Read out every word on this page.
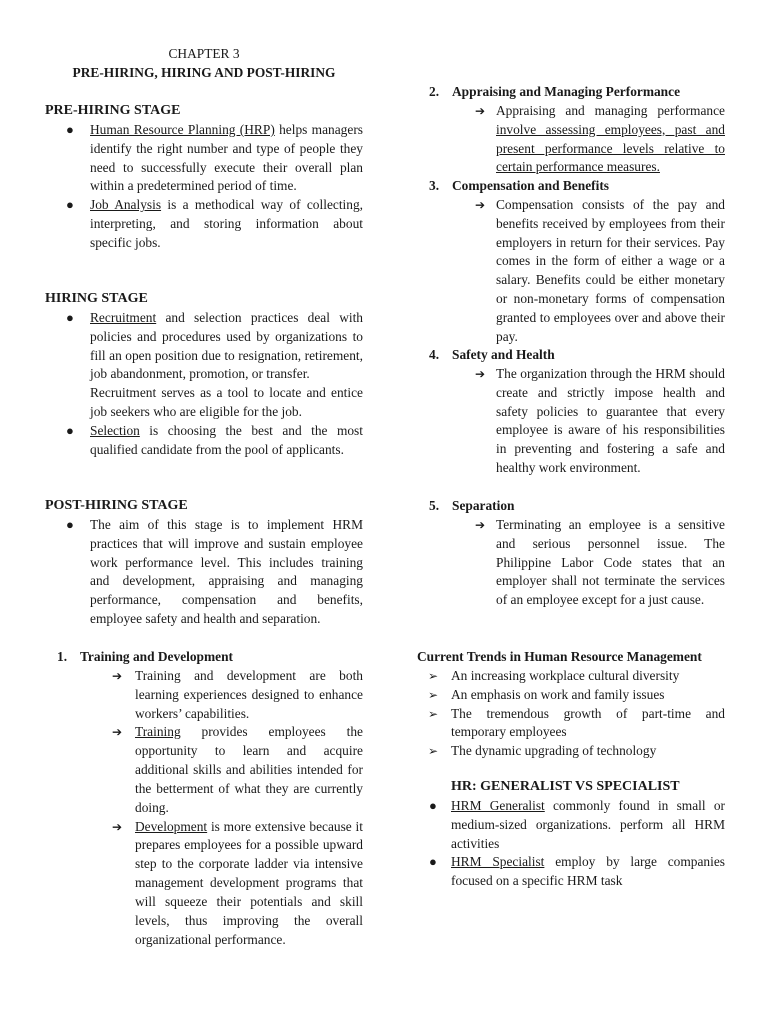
CHAPTER 3
PRE-HIRING, HIRING AND POST-HIRING
PRE-HIRING STAGE
● Human Resource Planning (HRP) helps managers identify the right number and type of people they need to successfully execute their overall plan within a predetermined period of time.
● Job Analysis is a methodical way of collecting, interpreting, and storing information about specific jobs.
HIRING STAGE
● Recruitment and selection practices deal with policies and procedures used by organizations to fill an open position due to resignation, retirement, job abandonment, promotion, or transfer.
Recruitment serves as a tool to locate and entice job seekers who are eligible for the job.
● Selection is choosing the best and the most qualified candidate from the pool of applicants.
POST-HIRING STAGE
● The aim of this stage is to implement HRM practices that will improve and sustain employee work performance level. This includes training and development, appraising and managing performance, compensation and benefits, employee safety and health and separation.
1. Training and Development
➔ Training and development are both learning experiences designed to enhance workers’ capabilities.
➔ Training provides employees the opportunity to learn and acquire additional skills and abilities intended for the betterment of what they are currently doing.
➔ Development is more extensive because it prepares employees for a possible upward step to the corporate ladder via intensive management development programs that will squeeze their potentials and skill levels, thus improving the overall organizational performance.
2. Appraising and Managing Performance
➔ Appraising and managing performance involve assessing employees, past and present performance levels relative to certain performance measures.
3. Compensation and Benefits
➔ Compensation consists of the pay and benefits received by employees from their employers in return for their services. Pay comes in the form of either a wage or a salary. Benefits could be either monetary or non-monetary forms of compensation granted to employees over and above their pay.
4. Safety and Health
➔ The organization through the HRM should create and strictly impose health and safety policies to guarantee that every employee is aware of his responsibilities in preventing and fostering a safe and healthy work environment.
5. Separation
➔ Terminating an employee is a sensitive and serious personnel issue. The Philippine Labor Code states that an employer shall not terminate the services of an employee except for a just cause.
Current Trends in Human Resource Management
➢ An increasing workplace cultural diversity
➢ An emphasis on work and family issues
➢ The tremendous growth of part-time and temporary employees
➢ The dynamic upgrading of technology
HR: GENERALIST VS SPECIALIST
● HRM Generalist commonly found in small or medium-sized organizations. perform all HRM activities
● HRM Specialist employ by large companies focused on a specific HRM task
